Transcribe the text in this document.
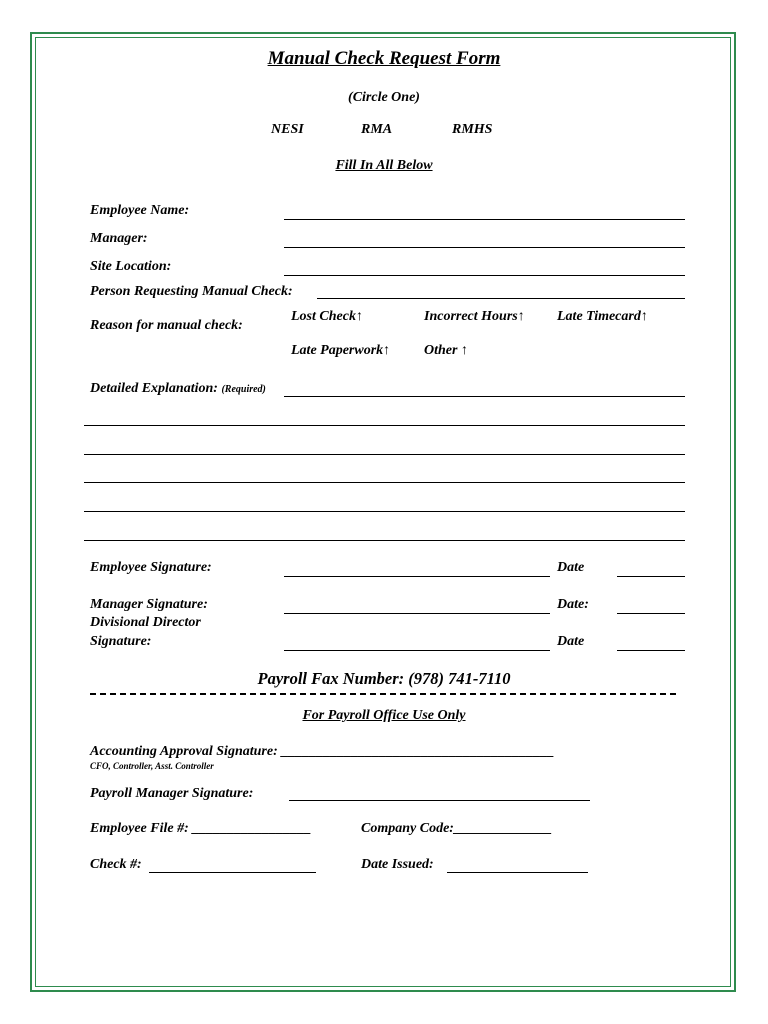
Manual Check Request Form
(Circle One)
NESI	RMA	RMHS
Fill In All Below
Employee Name:
Manager:
Site Location:
Person Requesting Manual Check:
Reason for manual check:
Lost Check↑	Incorrect Hours↑ Late Timecard↑
Late Paperwork↑ Other ↑
Detailed Explanation: (Required)
Employee Signature:	Date
Manager Signature:	Date:
Divisional Director
Signature:	Date
Payroll Fax Number: (978) 741-7110
For Payroll Office Use Only
Accounting Approval Signature: _______________________________________
CFO, Controller, Asst. Controller
Payroll Manager Signature:
Employee File #: _________________	Company Code:______________
Check #:	Date Issued:
